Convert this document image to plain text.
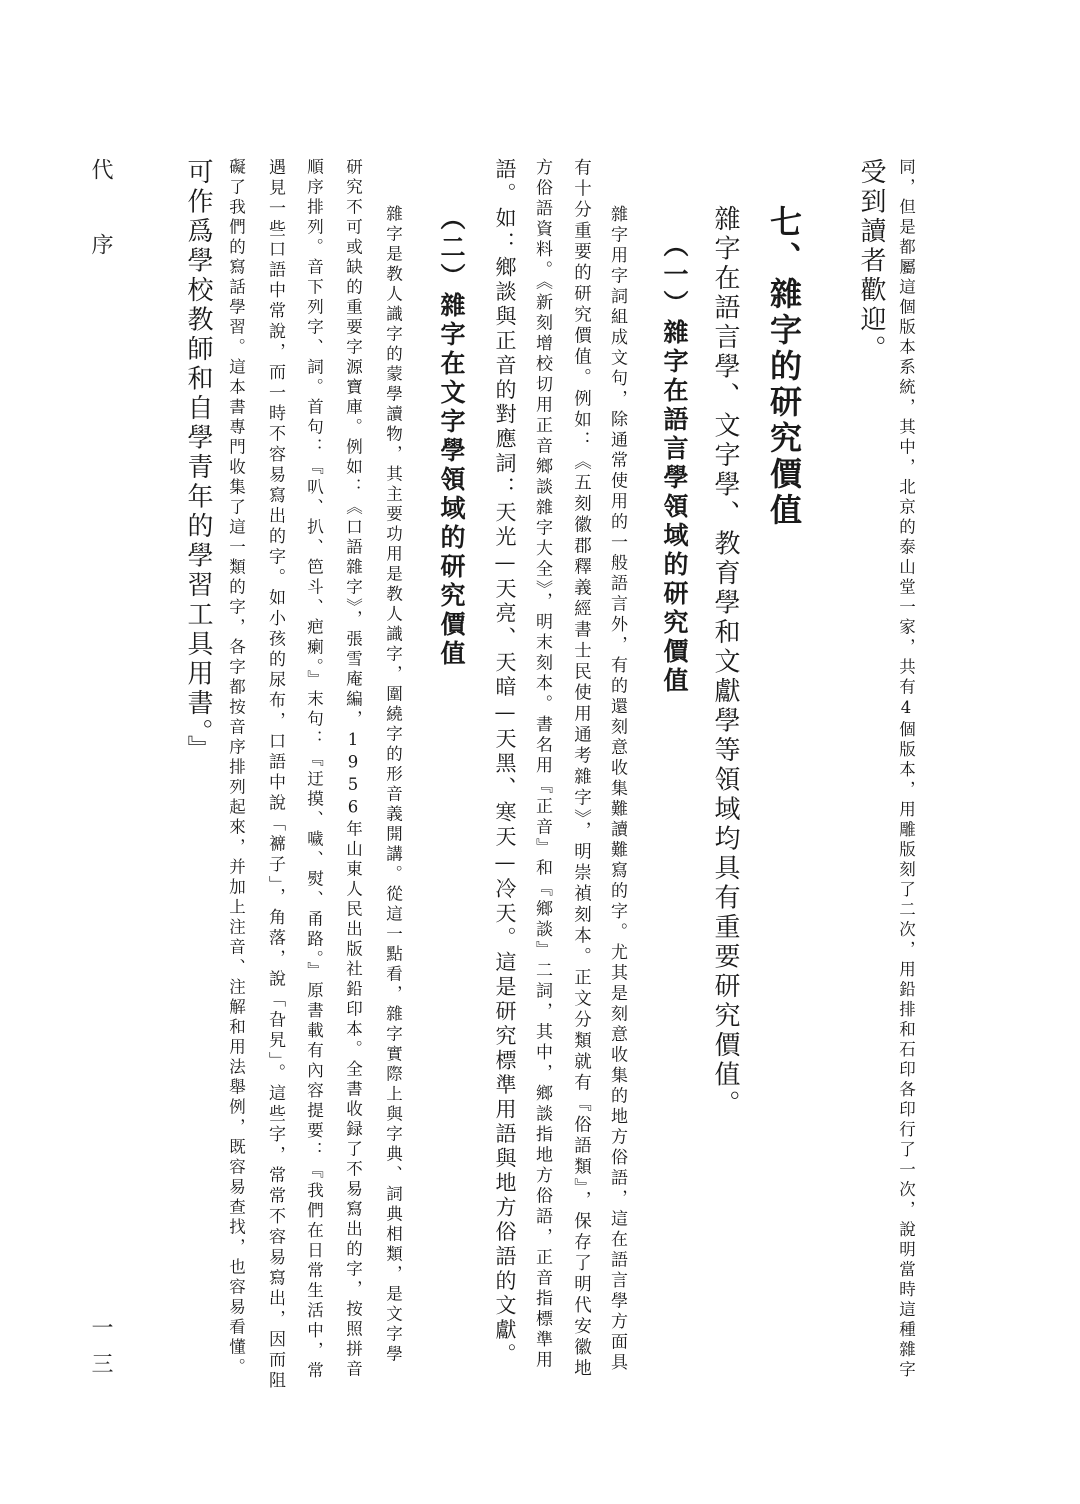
同，但是都屬這個版本系統，其中，北京的泰山堂一家，共有4個版本，用雕版刻了二次，用鉛排和石印各印行了一次，說明當時這種雜字
受到讀者歡迎。
七、雜字的研究價值
雜字在語言學、文字學、教育學和文獻學等領域均具有重要研究價值。
（一）雜字在語言學領域的研究價值
雜字用字詞組成文句，除通常使用的一般語言外，有的還刻意收集難讀難寫的字。尤其是刻意收集的地方俗語，這在語言學方面具
有十分重要的研究價值。例如：《五刻徽郡釋義經書士民使用通考雜字》，明崇禎刻本。正文分類就有『俗語類』，保存了明代安徽地
方俗語資料。《新刻增校切用正音鄉談雜字大全》，明末刻本。書名用『正音』和『鄉談』二詞，其中，鄉談指地方俗語，正音指標準用
語。如：鄉談與正音的對應詞：天光—天亮、天暗—天黑、寒天—冷天。這是研究標準用語與地方俗語的文獻。
（二）雜字在文字學領域的研究價值
雜字是教人識字的蒙學讀物，其主要功用是教人識字，圍繞字的形音義開講。從這一點看，雜字實際上與字典、詞典相類，是文字學
研究不可或缺的重要字源寶庫。例如：《口語雜字》，張雪庵編，1956年山東人民出版社鉛印本。全書收録了不易寫出的字，按照拼音
順序排列。音下列字、詞。首句：『叭、扒、笆斗、疤瘌。』末句：『迂摸、噦、熨、甬路。』原書載有內容提要：『我們在日常生活中，常
遇見一些口語中常說，而一時不容易寫出的字。如小孩的尿布，口語中說「褯子」，角落，說「旮旯」。這些字，常常不容易寫出，因而阻
礙了我們的寫話學習。這本書專門收集了這一類的字，各字都按音序排列起來，并加上注音、注解和用法舉例，既容易查找，也容易看懂。
可作爲學校教師和自學青年的學習工具用書。』
代 序
一三
